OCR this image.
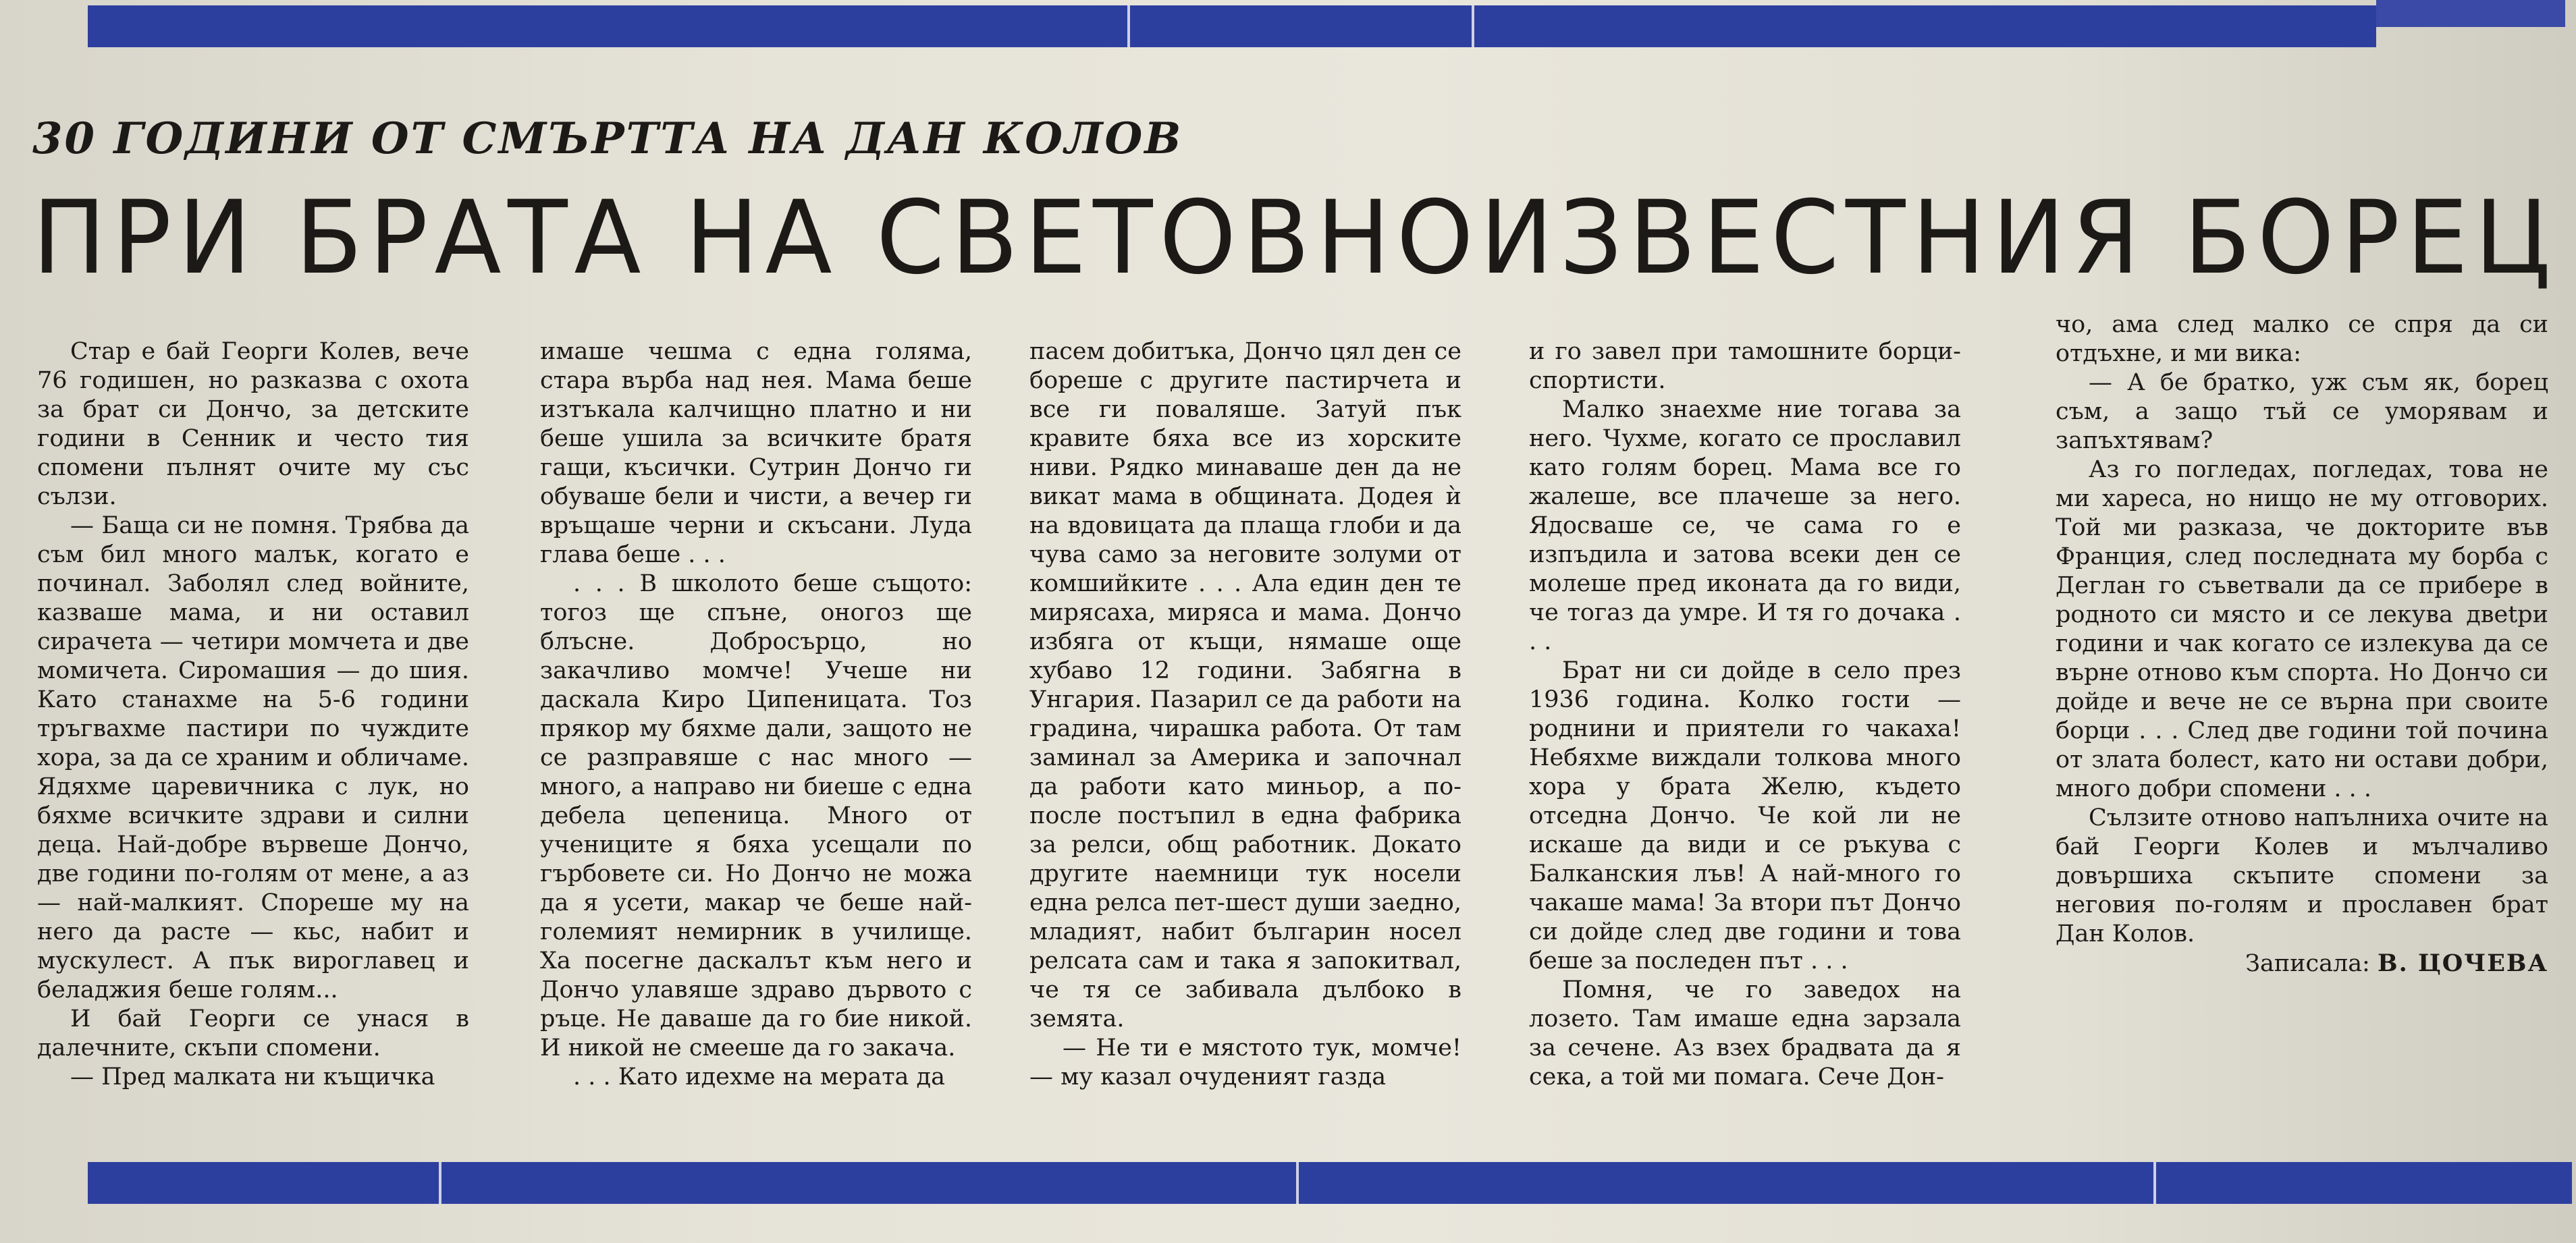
30 ГОДИНИ ОТ СМЪРТТА НА ДАН КОЛОВ
ПРИ БРАТА НА СВЕТОВНОИЗВЕСТНИЯ БОРЕЦ

Стар е бай Георги Колев, вече 76 годишен, но разказва с охота за брат си Дончо, за детските години в Сенник и често тия спомени пълнят очите му със сълзи.

— Баща си не помня. Трябва да съм бил много малък, когато е починал. Заболял след войните, казваше мама, и ни оставил сирачета — четири момчета и две момичета. Сиромашия — до шия. Като станахме на 5-6 години тръгвахме пастири по чуждите хора, за да се храним и обличаме. Ядяхме царевичника с лук, но бяхме всичките здрави и силни деца. Най-добре вървеше Дончо, две години по-голям от мене, а аз — най-малкият. Спореше му на него да расте — кьс, набит и мускулест. А пък вироглавец и беладжия беше голям...

И бай Георги се унася в далечните, скъпи спомени.

— Пред малката ни къщичка

имаше чешма с една голяма, стара върба над нея. Мама беше изтъкала калчищно платно и ни беше ушила за всичките братя гащи, късички. Сутрин Дончо ги обуваше бели и чисти, а вечер ги връщаше черни и скъсани. Луда глава беше . . .

. . . В школото беше същото: тогоз ще спъне, оногоз ще блъсне. Добросърцо, но закачливо момче! Учеше ни даскала Киро Ципеницата. Тоз прякор му бяхме дали, защото не се разправяше с нас много — много, а направо ни биеше с една дебела цепеница. Много от учениците я бяха усещали по гърбовете си. Но Дончо не можа да я усети, макар че беше най-големият немирник в училище. Ха посегне даскалът към него и Дончо улавяше здраво дървото с ръце. Не даваше да го бие никой. И никой не смееше да го закача.

. . . Като идехме на мерата да

пасем добитъка, Дончо цял ден се бореше с другите пастирчета и все ги поваляше. Затуй пък кравите бяха все из хорските ниви. Рядко минаваше ден да не викат мама в общината. Додея ѝ на вдовицата да плаща глоби и да чува само за неговите золуми от комшийките . . . Ала един ден те мирясаха, миряса и мама. Дончо избяга от къщи, нямаше още хубаво 12 години. Забягна в Унгария. Пазарил се да работи на градина, чирашка работа. От там заминал за Америка и започнал да работи като миньор, а по-после постъпил в една фабрика за релси, общ работник. Докато другите наемници тук носели една релса пет-шест души заедно, младият, набит българин носел релсата сам и така я запокитвал, че тя се забивала дълбоко в земята.

— Не ти е мястото тук, момче! — му казал очуденият газда

и го завел при тамошните борци-спортисти.

Малко знаехме ние тогава за него. Чухме, когато се прославил като голям борец. Мама все го жалеше, все плачеше за него. Ядосваше се, че сама го е изпъдила и затова всеки ден се молеше пред иконата да го види, че тогаз да умре. И тя го дочака . . .

Брат ни си дойде в село през 1936 година. Колко гости — роднини и приятели го чакаха! Небяхме виждали толкова много хора у брата Желю, където отседна Дончо. Че кой ли не искаше да види и се ръкува с Балканския лъв! А най-много го чакаше мама! За втори път Дончо си дойде след две години и това беше за последен път . . .

Помня, че го заведох на лозето. Там имаше една зарзала за сечене. Аз взех брадвата да я сека, а той ми помага. Сече Дон-

чо, ама след малко се спря да си отдъхне, и ми вика:

— А бе братко, уж съм як, борец съм, а защо тъй се уморявам и запъхтявам?

Аз го погледах, погледах, това не ми хареса, но нищо не му отговорих. Той ми разказа, че докторите във Франция, след последната му борба с Деглан го съветвали да се прибере в родното си място и се лекува двеtри години и чак когато се излекува да се върне отново към спорта. Но Дончо си дойде и вече не се върна при своите борци . . . След две години той почина от злата болест, като ни остави добри, много добри спомени . . .

Сълзите отново напълниха очите на бай Георги Колев и мълчаливо довършиха скъпите спомени за неговия по-голям и прославен брат Дан Колов.

Записала: В. ЦОЧЕВА
